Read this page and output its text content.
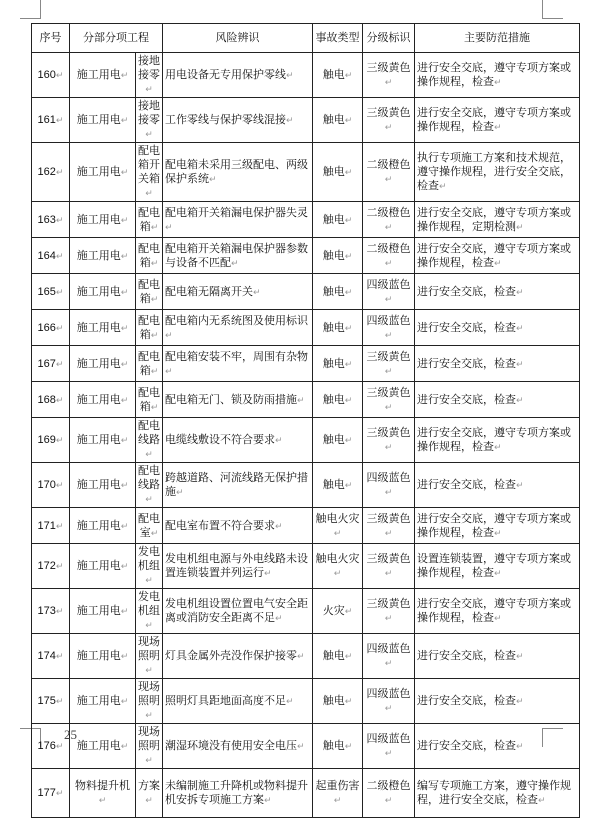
序号	分部分项工程		风险辨识	事故类型	分级标识	主要防范措施
160↵	施工用电↵	接地接零↵	用电设备无专用保护零线↵	触电↵	三级黄色↵	进行安全交底，遵守专项方案或操作规程，检查↵
161↵	施工用电↵	接地接零↵	工作零线与保护零线混接↵	触电↵	三级黄色↵	进行安全交底，遵守专项方案或操作规程，检查↵
162↵	施工用电↵	配电箱开关箱↵	配电箱未采用三级配电、两级保护系统↵	触电↵	二级橙色↵	执行专项施工方案和技术规范，遵守操作规程，进行安全交底，检查↵
163↵	施工用电↵	配电箱↵	配电箱开关箱漏电保护器失灵↵	触电↵	二级橙色↵	进行安全交底，遵守专项方案或操作规程，定期检测↵
164↵	施工用电↵	配电箱↵	配电箱开关箱漏电保护器参数与设备不匹配↵	触电↵	二级橙色↵	进行安全交底，遵守专项方案或操作规程，检查↵
165↵	施工用电↵	配电箱↵	配电箱无隔离开关↵	触电↵	四级蓝色↵	进行安全交底，检查↵
166↵	施工用电↵	配电箱↵	配电箱内无系统图及使用标识↵	触电↵	四级蓝色↵	进行安全交底，检查↵
167↵	施工用电↵	配电箱↵	配电箱安装不牢，周围有杂物↵	触电↵	三级黄色↵	进行安全交底，检查↵
168↵	施工用电↵	配电箱↵	配电箱无门、锁及防雨措施↵	触电↵	三级黄色↵	进行安全交底，检查↵
169↵	施工用电↵	配电线路↵	电缆线敷设不符合要求↵	触电↵	三级黄色↵	进行安全交底，遵守专项方案或操作规程，检查↵
170↵	施工用电↵	配电线路↵	跨越道路、河流线路无保护措施↵	触电↵	四级蓝色↵	进行安全交底，检查↵
171↵	施工用电↵	配电室↵	配电室布置不符合要求↵	触电火灾↵	三级黄色↵	进行安全交底，遵守专项方案或操作规程，检查↵
172↵	施工用电↵	发电机组↵	发电机组电源与外电线路未设置连锁装置并列运行↵	触电火灾↵	三级黄色↵	设置连锁装置，遵守专项方案或操作规程，检查↵
173↵	施工用电↵	发电机组↵	发电机组设置位置电气安全距离或消防安全距离不足↵	火灾↵	三级黄色↵	进行安全交底，遵守专项方案或操作规程，检查↵
174↵	施工用电↵	现场照明↵	灯具金属外壳没作保护接零↵	触电↵	四级蓝色↵	进行安全交底，检查↵
175↵	施工用电↵	现场照明↵	照明灯具距地面高度不足↵	触电↵	四级蓝色↵	进行安全交底，检查↵
176↵	施工用电↵	现场照明↵	潮湿环境没有使用安全电压↵	触电↵	四级蓝色↵	进行安全交底，检查↵
177↵	物料提升机↵	方案↵	未编制施工升降机或物料提升机安拆专项施工方案↵	起重伤害↵	二级橙色↵	编写专项施工方案，遵守操作规程，进行安全交底，检查↵
25
